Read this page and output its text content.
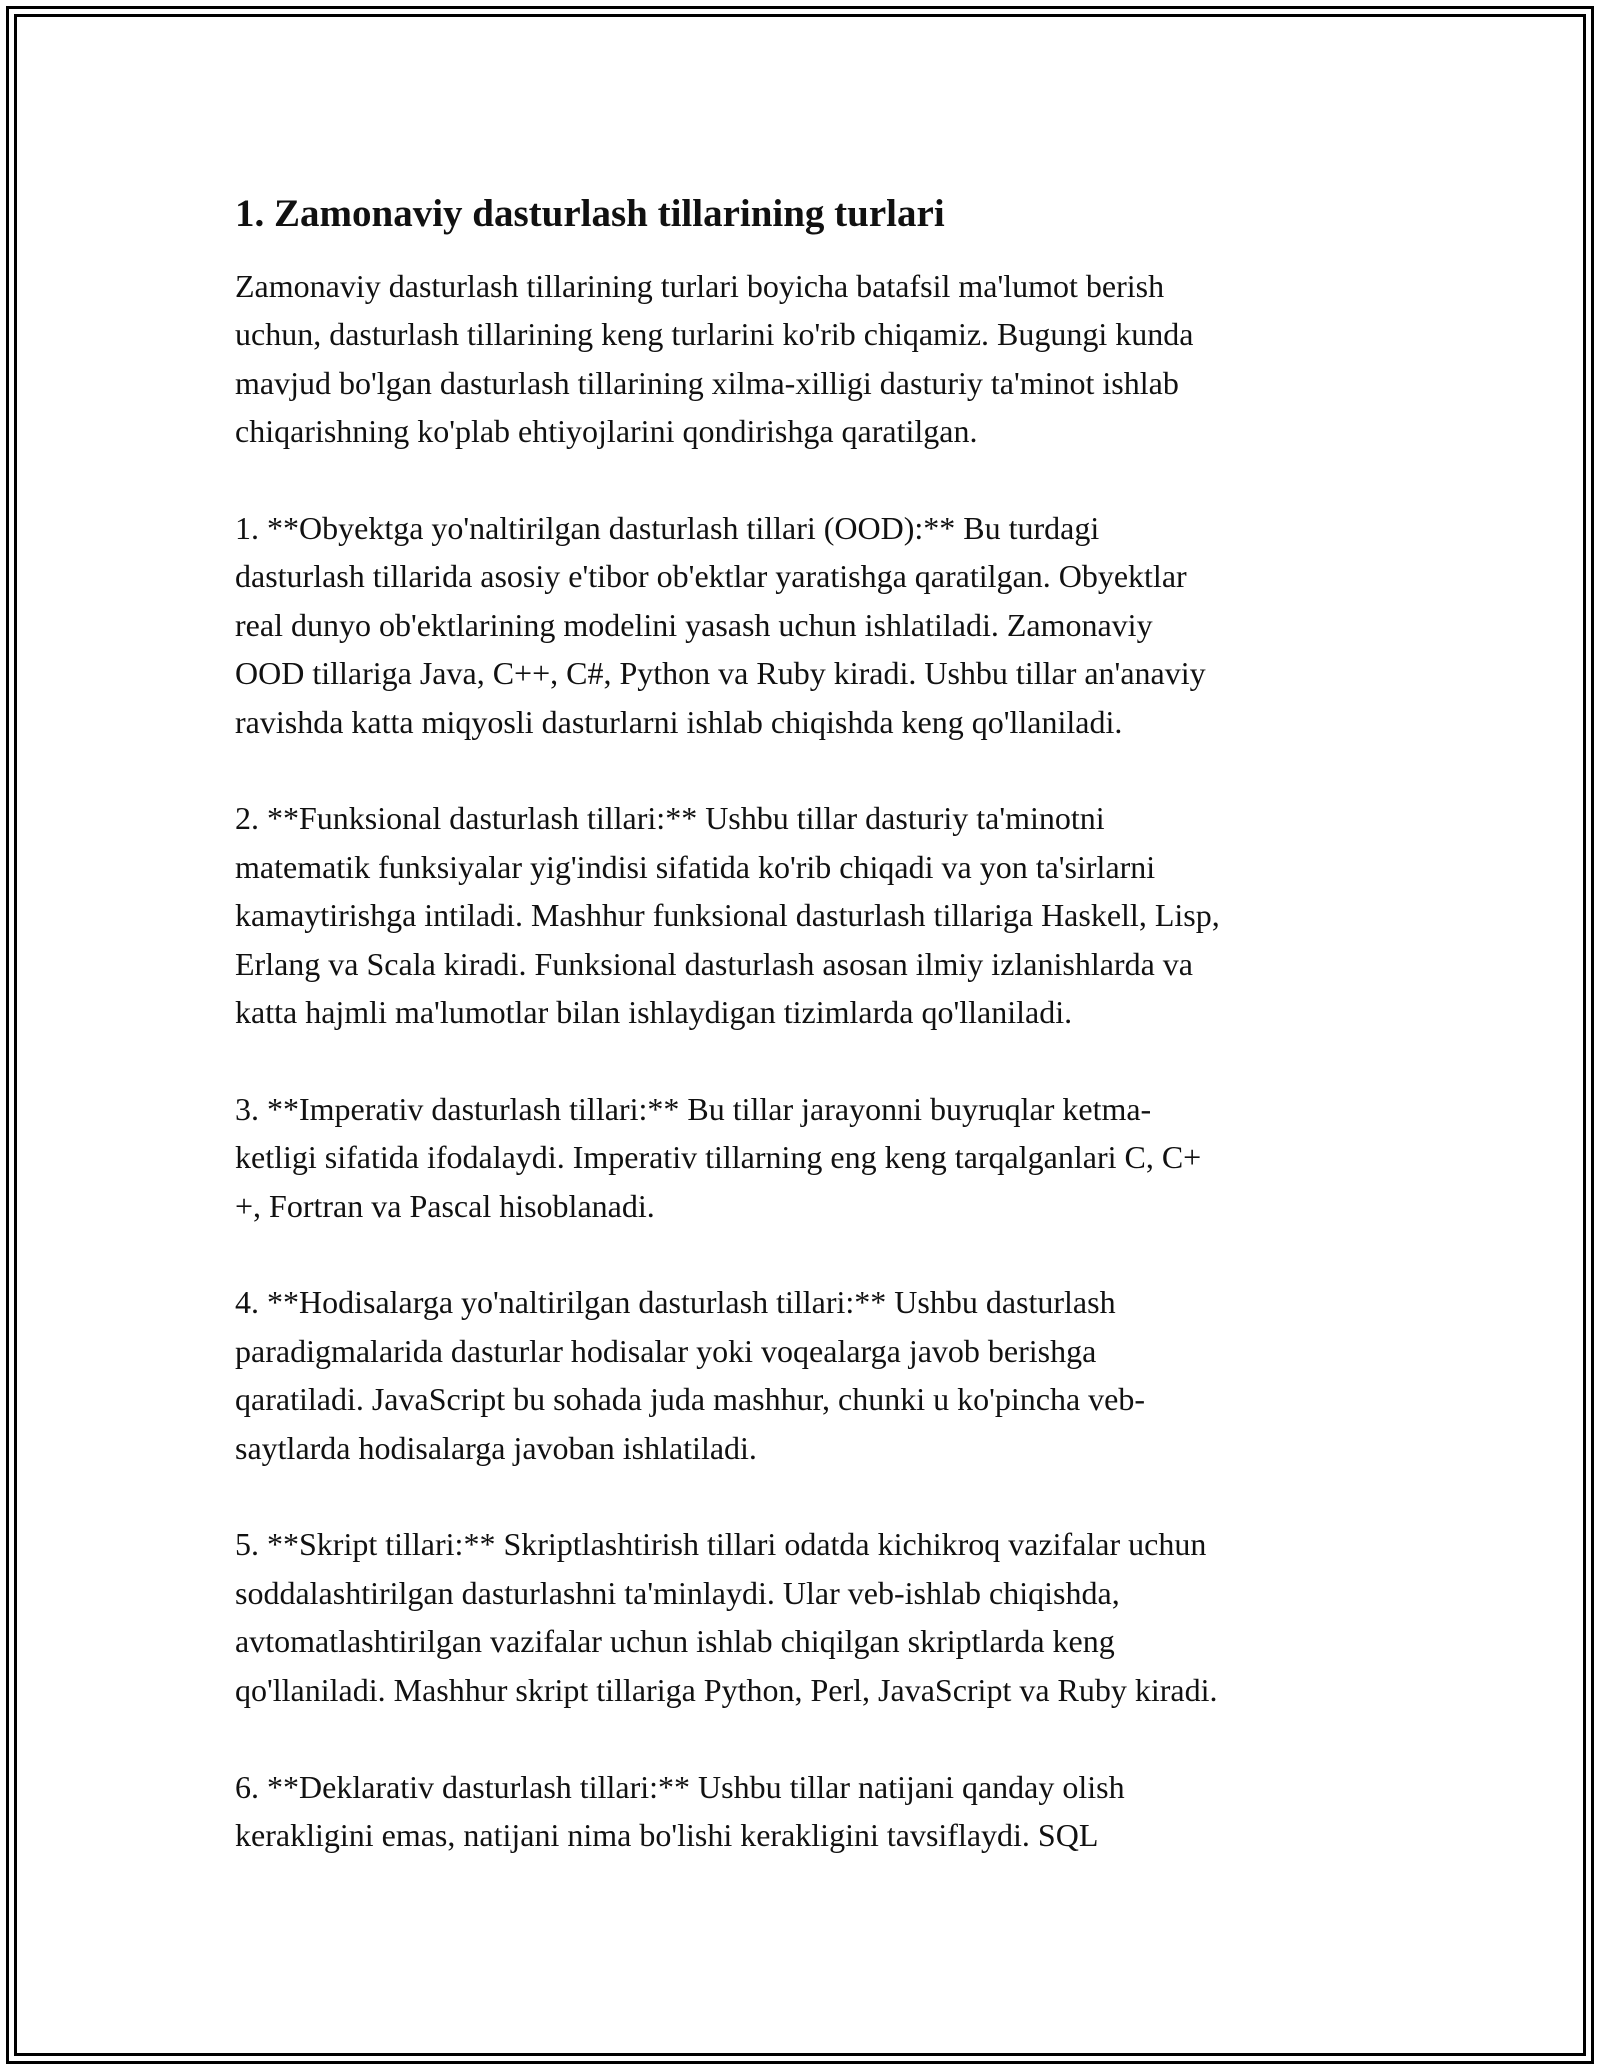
1. Zamonaviy dasturlash tillarining turlari
Zamonaviy dasturlash tillarining turlari boyicha batafsil ma'lumot berish
uchun, dasturlash tillarining keng turlarini ko'rib chiqamiz. Bugungi kunda
mavjud bo'lgan dasturlash tillarining xilma-xilligi dasturiy ta'minot ishlab
chiqarishning ko'plab ehtiyojlarini qondirishga qaratilgan.
1. **Obyektga yo'naltirilgan dasturlash tillari (OOD):** Bu turdagi
dasturlash tillarida asosiy e'tibor ob'ektlar yaratishga qaratilgan. Obyektlar
real dunyo ob'ektlarining modelini yasash uchun ishlatiladi. Zamonaviy
OOD tillariga Java, C++, C#, Python va Ruby kiradi. Ushbu tillar an'anaviy
ravishda katta miqyosli dasturlarni ishlab chiqishda keng qo'llaniladi.
2. **Funksional dasturlash tillari:** Ushbu tillar dasturiy ta'minotni
matematik funksiyalar yig'indisi sifatida ko'rib chiqadi va yon ta'sirlarni
kamaytirishga intiladi. Mashhur funksional dasturlash tillariga Haskell, Lisp,
Erlang va Scala kiradi. Funksional dasturlash asosan ilmiy izlanishlarda va
katta hajmli ma'lumotlar bilan ishlaydigan tizimlarda qo'llaniladi.
3. **Imperativ dasturlash tillari:** Bu tillar jarayonni buyruqlar ketma-
ketligi sifatida ifodalaydi. Imperativ tillarning eng keng tarqalganlari C, C+
+, Fortran va Pascal hisoblanadi.
4. **Hodisalarga yo'naltirilgan dasturlash tillari:** Ushbu dasturlash
paradigmalarida dasturlar hodisalar yoki voqealarga javob berishga
qaratiladi. JavaScript bu sohada juda mashhur, chunki u ko'pincha veb-
saytlarda hodisalarga javoban ishlatiladi.
5. **Skript tillari:** Skriptlashtirish tillari odatda kichikroq vazifalar uchun
soddalashtirilgan dasturlashni ta'minlaydi. Ular veb-ishlab chiqishda,
avtomatlashtirilgan vazifalar uchun ishlab chiqilgan skriptlarda keng
qo'llaniladi. Mashhur skript tillariga Python, Perl, JavaScript va Ruby kiradi.
6. **Deklarativ dasturlash tillari:** Ushbu tillar natijani qanday olish
kerakligini emas, natijani nima bo'lishi kerakligini tavsiflaydi. SQL
